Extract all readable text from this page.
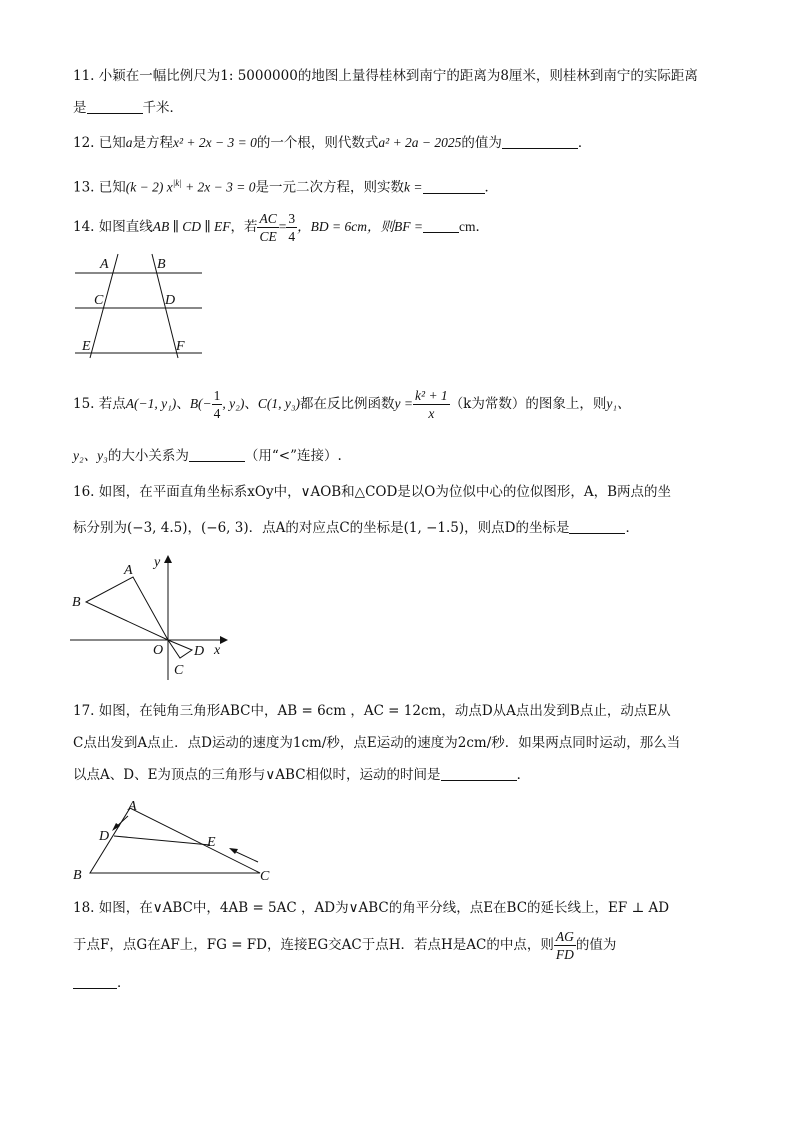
11. 小颖在一幅比例尺为1: 5000000的地图上量得桂林到南宁的距离为8厘米，则桂林到南宁的实际距离
是	千米．
12. 已知a是方程x² + 2x − 3 = 0的一个根，则代数式a² + 2a − 2025的值为	．
13. 已知(k − 2) $x^{|k|} + 2x - 3 = 0$是一元二次方程，则实数k =	．
14. 如图直线AB ∥ CD ∥ EF，若 $\frac{AC}{CE} = \frac{3}{4}$ ，BD = 6cm，则BF =	cm．
A	B
C	D
E	F
15. 若点A(−1, y₁)、$B(- \frac{1}{4}$ , y₂)、C(1, y₃)都在反比例函数$y = \frac{\text{k² + 1}}{x} (k$为常数）的图象上，则y₁、
y₂、y₃的大小关系为	（用“<”连接）.
16. 如图，在平面直角坐标系xOy中，∨AOB和△COD是以O为位似中心的位似图形，A，B两点的坐
标分别为(−3, 4.5)，(−6, 3)．点A的对应点C的坐标是(1, −1.5)，则点D的坐标是	．
y
A
B
O D x
C
17. 如图，在钝角三角形ABC中，AB = 6cm ，AC = 12cm，动点D从A点出发到B点止，动点E从
C点出发到A点止．点D运动的速度为1cm/秒，点E运动的速度为2cm/秒．如果两点同时运动，那么当
以点A、D、E为顶点的三角形与∨ABC相似时，运动的时间是	．
A
D	E
B	C
18. 如图，在∨ABC中，4AB = 5AC ，AD为∨ABC的角平分线，点E在BC的延长线上，EF ⊥ AD
于点F，点G在AF上，FG = FD，连接EG交AC于点H．若点H是AC的中点，则 $\frac{AG}{FD}$ 的值为
．
